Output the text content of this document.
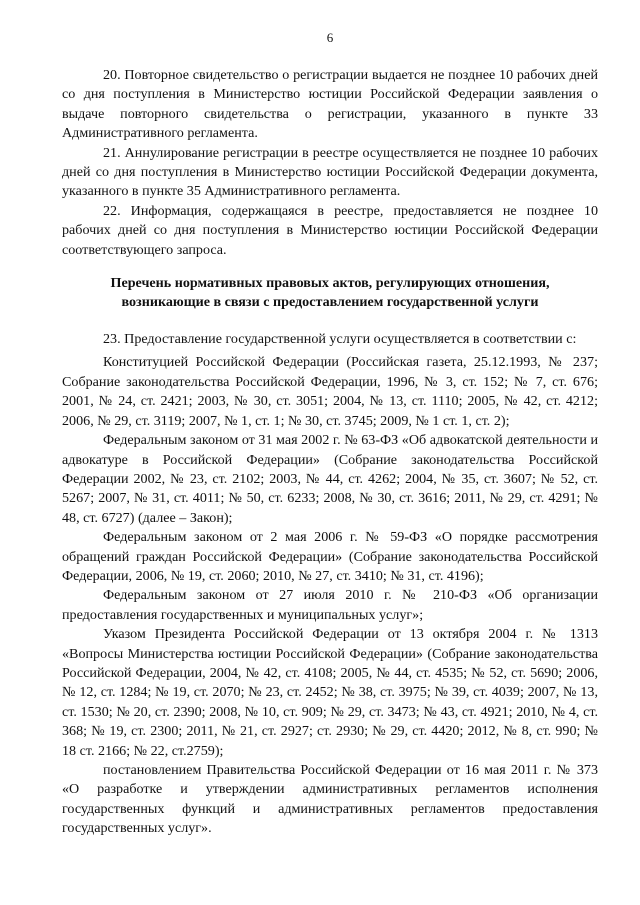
6

20. Повторное свидетельство о регистрации выдается не позднее 10 рабочих дней со дня поступления в Министерство юстиции Российской Федерации заявления о выдаче повторного свидетельства о регистрации, указанного в пункте 33 Административного регламента.

21. Аннулирование регистрации в реестре осуществляется не позднее 10 рабочих дней со дня поступления в Министерство юстиции Российской Федерации документа, указанного в пункте 35 Административного регламента.

22. Информация, содержащаяся в реестре, предоставляется не позднее 10 рабочих дней со дня поступления в Министерство юстиции Российской Федерации соответствующего запроса.

Перечень нормативных правовых актов, регулирующих отношения,
возникающие в связи с предоставлением государственной услуги

23. Предоставление государственной услуги осуществляется в соответствии с:

Конституцией Российской Федерации (Российская газета, 25.12.1993, № 237; Собрание законодательства Российской Федерации, 1996, № 3, ст. 152; № 7, ст. 676; 2001, № 24, ст. 2421; 2003, № 30, ст. 3051; 2004, № 13, ст. 1110; 2005, № 42, ст. 4212; 2006, № 29, ст. 3119; 2007, № 1, ст. 1; № 30, ст. 3745; 2009, № 1 ст. 1, ст. 2);

Федеральным законом от 31 мая 2002 г. № 63-ФЗ «Об адвокатской деятельности и адвокатуре в Российской Федерации» (Собрание законодательства Российской Федерации 2002, № 23, ст. 2102; 2003, № 44, ст. 4262; 2004, № 35, ст. 3607; № 52, ст. 5267; 2007, № 31, ст. 4011; № 50, ст. 6233; 2008, № 30, ст. 3616; 2011, № 29, ст. 4291; № 48, ст. 6727) (далее – Закон);

Федеральным законом от 2 мая 2006 г. № 59-ФЗ «О порядке рассмотрения обращений граждан Российской Федерации» (Собрание законодательства Российской Федерации, 2006, № 19, ст. 2060; 2010, № 27, ст. 3410; № 31, ст. 4196);

Федеральным законом от 27 июля 2010 г. № 210-ФЗ «Об организации предоставления государственных и муниципальных услуг»;

Указом Президента Российской Федерации от 13 октября 2004 г. № 1313 «Вопросы Министерства юстиции Российской Федерации» (Собрание законодательства Российской Федерации, 2004, № 42, ст. 4108; 2005, № 44, ст. 4535; № 52, ст. 5690; 2006, № 12, ст. 1284; № 19, ст. 2070; № 23, ст. 2452; № 38, ст. 3975; № 39, ст. 4039; 2007, № 13, ст. 1530; № 20, ст. 2390; 2008, № 10, ст. 909; № 29, ст. 3473; № 43, ст. 4921; 2010, № 4, ст. 368; № 19, ст. 2300; 2011, № 21, ст. 2927; ст. 2930; № 29, ст. 4420; 2012, № 8, ст. 990; № 18 ст. 2166; № 22, ст.2759);

постановлением Правительства Российской Федерации от 16 мая 2011 г. № 373 «О разработке и утверждении административных регламентов исполнения государственных функций и административных регламентов предоставления государственных услуг».
